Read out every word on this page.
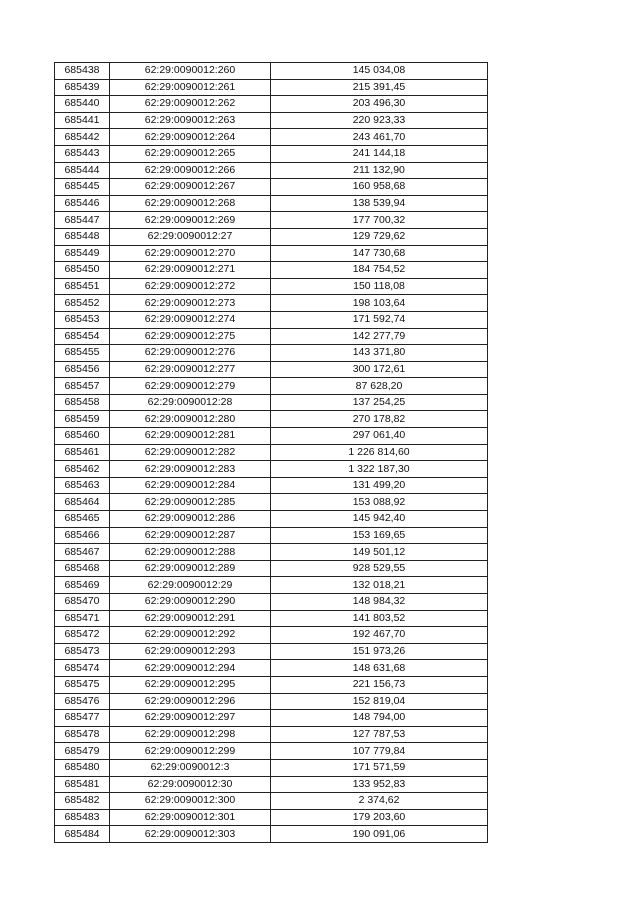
685438	62:29:0090012:260	145 034,08
685439	62:29:0090012:261	215 391,45
685440	62:29:0090012:262	203 496,30
685441	62:29:0090012:263	220 923,33
685442	62:29:0090012:264	243 461,70
685443	62:29:0090012:265	241 144,18
685444	62:29:0090012:266	211 132,90
685445	62:29:0090012:267	160 958,68
685446	62:29:0090012:268	138 539,94
685447	62:29:0090012:269	177 700,32
685448	62:29:0090012:27	129 729,62
685449	62:29:0090012:270	147 730,68
685450	62:29:0090012:271	184 754,52
685451	62:29:0090012:272	150 118,08
685452	62:29:0090012:273	198 103,64
685453	62:29:0090012:274	171 592,74
685454	62:29:0090012:275	142 277,79
685455	62:29:0090012:276	143 371,80
685456	62:29:0090012:277	300 172,61
685457	62:29:0090012:279	87 628,20
685458	62:29:0090012:28	137 254,25
685459	62:29:0090012:280	270 178,82
685460	62:29:0090012:281	297 061,40
685461	62:29:0090012:282	1 226 814,60
685462	62:29:0090012:283	1 322 187,30
685463	62:29:0090012:284	131 499,20
685464	62:29:0090012:285	153 088,92
685465	62:29:0090012:286	145 942,40
685466	62:29:0090012:287	153 169,65
685467	62:29:0090012:288	149 501,12
685468	62:29:0090012:289	928 529,55
685469	62:29:0090012:29	132 018,21
685470	62:29:0090012:290	148 984,32
685471	62:29:0090012:291	141 803,52
685472	62:29:0090012:292	192 467,70
685473	62:29:0090012:293	151 973,26
685474	62:29:0090012:294	148 631,68
685475	62:29:0090012:295	221 156,73
685476	62:29:0090012:296	152 819,04
685477	62:29:0090012:297	148 794,00
685478	62:29:0090012:298	127 787,53
685479	62:29:0090012:299	107 779,84
685480	62:29:0090012:3	171 571,59
685481	62:29:0090012:30	133 952,83
685482	62:29:0090012:300	2 374,62
685483	62:29:0090012:301	179 203,60
685484	62:29:0090012:303	190 091,06
